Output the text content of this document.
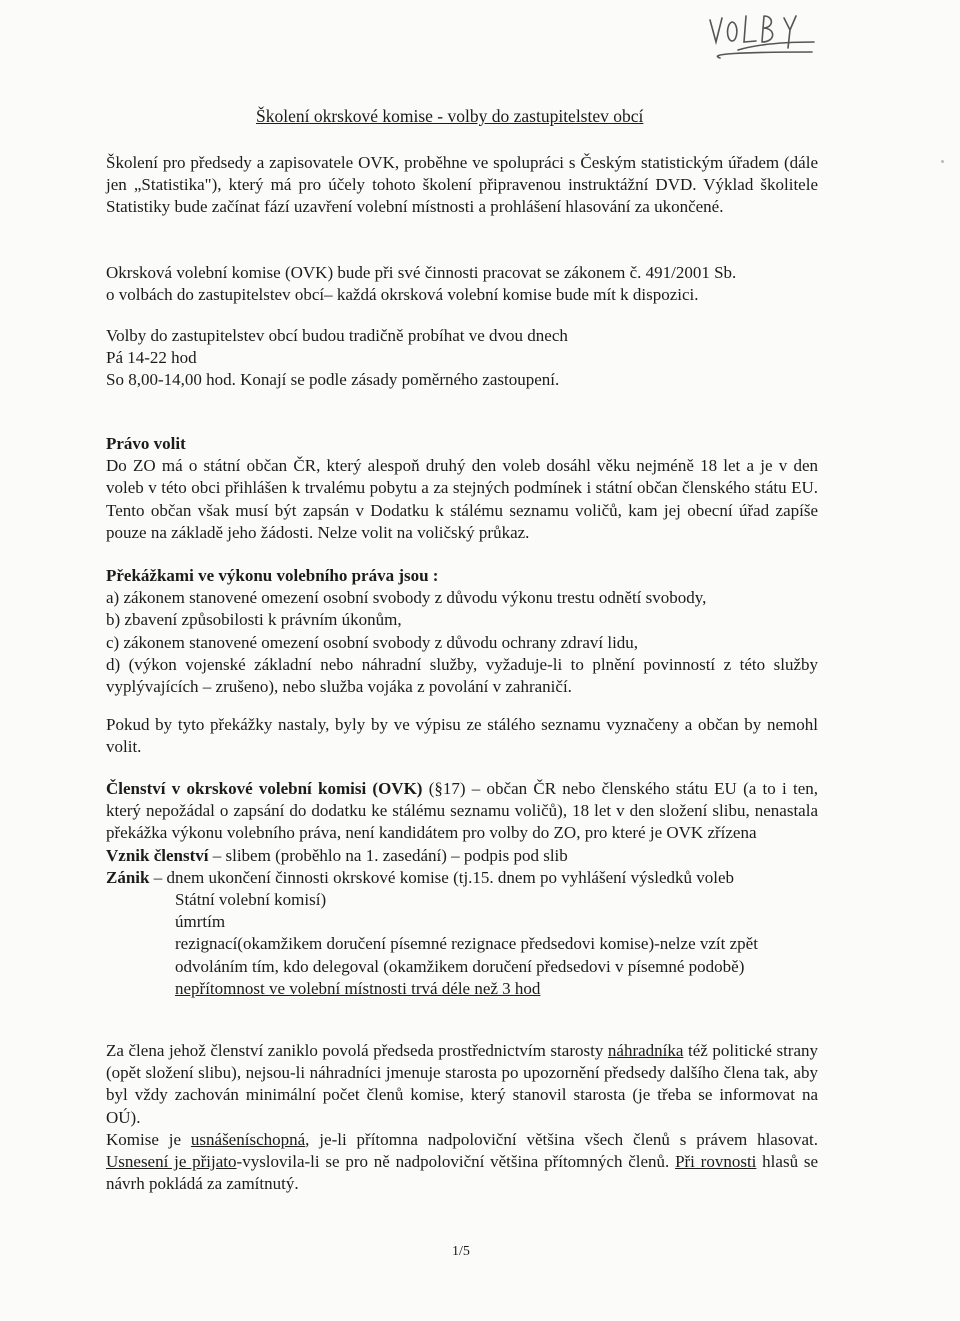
Školení okrskové komise - volby do zastupitelstev obcí

Školení pro předsedy a zapisovatele OVK, proběhne ve spolupráci s Českým statistickým úřadem (dále jen „Statistika"), který má pro účely tohoto školení připravenou instruktážní DVD. Výklad školitele Statistiky bude začínat fází uzavření volební místnosti a prohlášení hlasování za ukončené.

Okrsková volební komise (OVK) bude při své činnosti pracovat se zákonem č. 491/2001 Sb.

o volbách do zastupitelstev obcí– každá okrsková volební komise bude mít k dispozici.

Volby do zastupitelstev obcí budou tradičně probíhat ve dvou dnech

Pá 14-22 hod

So 8,00-14,00 hod. Konají se podle zásady poměrného zastoupení.

Právo volit

Do ZO má o státní občan ČR, který alespoň druhý den voleb dosáhl věku nejméně 18 let a je v den voleb v této obci přihlášen k trvalému pobytu a za stejných podmínek i státní občan členského státu EU. Tento občan však musí být zapsán v Dodatku k stálému seznamu voličů, kam jej obecní úřad zapíše pouze na základě jeho žádosti. Nelze volit na voličský průkaz.

Překážkami ve výkonu volebního práva jsou :

a) zákonem stanovené omezení osobní svobody z důvodu výkonu trestu odnětí svobody,

b) zbavení způsobilosti k právním úkonům,

c) zákonem stanovené omezení osobní svobody z důvodu ochrany zdraví lidu,

d) (výkon vojenské základní nebo náhradní služby, vyžaduje-li to plnění povinností z této služby vyplývajících – zrušeno), nebo služba vojáka z povolání v zahraničí.

Pokud by tyto překážky nastaly, byly by ve výpisu ze stálého seznamu vyznačeny a občan by nemohl volit.

Členství v okrskové volební komisi (OVK) (§17) – občan ČR nebo členského státu EU (a to i ten, který nepožádal o zapsání do dodatku ke stálému seznamu voličů), 18 let v den složení slibu, nenastala překážka výkonu volebního práva, není kandidátem pro volby do ZO, pro které je OVK zřízena

Vznik členství – slibem (proběhlo na 1. zasedání) – podpis pod slib

Zánik – dnem ukončení činnosti okrskové komise (tj.15. dnem po vyhlášení výsledků voleb

Státní volební komisí)

úmrtím

rezignací(okamžikem doručení písemné rezignace předsedovi komise)-nelze vzít zpět

odvoláním tím, kdo delegoval (okamžikem doručení předsedovi v písemné podobě)

nepřítomnost ve volební místnosti trvá déle než 3 hod

Za člena jehož členství zaniklo povolá předseda prostřednictvím starosty náhradníka též politické strany (opět složení slibu), nejsou-li náhradníci jmenuje starosta po upozornění předsedy dalšího člena tak, aby byl vždy zachován minimální počet členů komise, který stanovil starosta (je třeba se informovat na OÚ).

Komise je usnášeníschopná, je-li přítomna nadpoloviční většina všech členů s právem hlasovat. Usnesení je přijato-vyslovila-li se pro ně nadpoloviční většina přítomných členů. Při rovnosti hlasů se návrh pokládá za zamítnutý.

1/5
